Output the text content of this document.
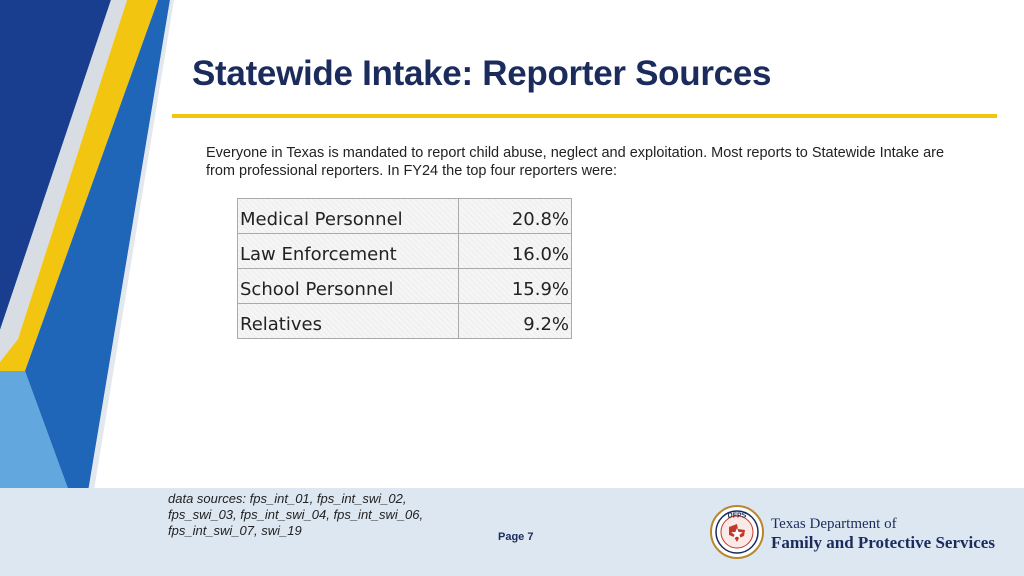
Statewide Intake: Reporter Sources
Everyone in Texas is mandated to report child abuse, neglect and exploitation. Most reports to Statewide Intake are from professional reporters. In FY24 the top four reporters were:
Medical Personnel	20.8%
Law Enforcement	16.0%
School Personnel	15.9%
Relatives	9.2%
data sources: fps_int_01, fps_int_swi_02, fps_swi_03, fps_int_swi_04, fps_int_swi_06, fps_int_swi_07, swi_19	Page 7
DFPS Texas Department of
Family and Protective Services
